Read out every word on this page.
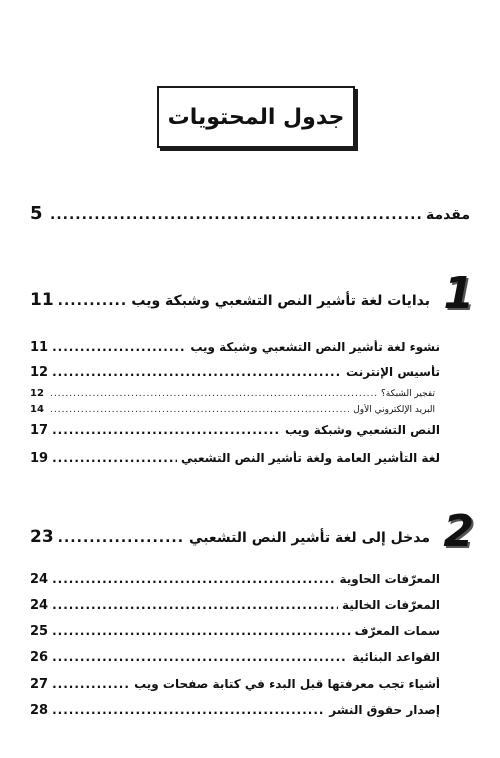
جدول المحتويات
مقدمة
.....
5
1
بدايات لغة تأشير النص التشعبي وشبكة ويب
.....
11
نشوء لغة تأشير النص التشعبي وشبكة ويب
.....
11
تأسيس الإنترنت
.....
12
تفجير الشبكة؟
.....
12
البريد الإلكتروني الأول
.....
14
النص التشعبي وشبكة ويب
.....
17
لغة التأشير العامة ولغة تأشير النص التشعبي
.....
19
2
مدخل إلى لغة تأشير النص التشعبي
.....
23
المعرّفات الحاوية
.....
24
المعرّفات الخالية
.....
24
سمات المعرّف
.....
25
القواعد البنائية
.....
26
أشياء تجب معرفتها قبل البدء في كتابة صفحات ويب
.....
27
إصدار حقوق النشر
.....
28
